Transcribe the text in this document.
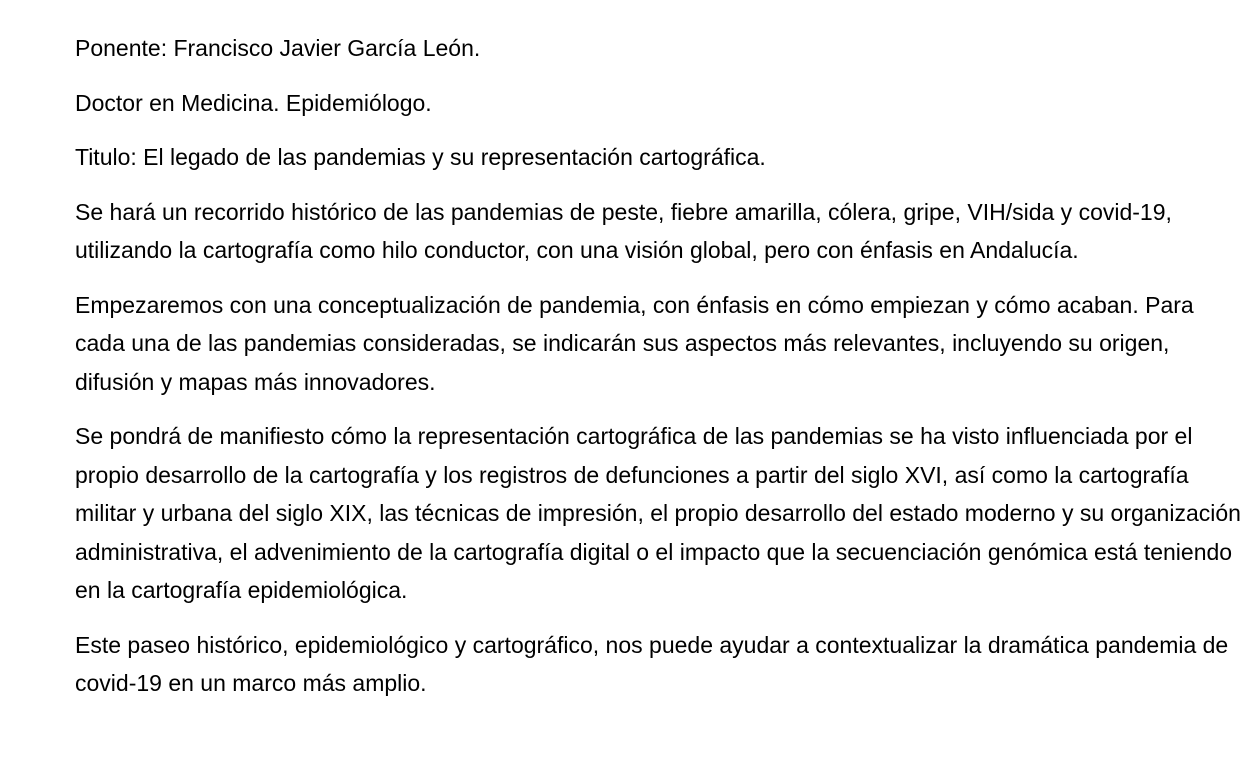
Ponente: Francisco Javier García León.

Doctor en Medicina. Epidemiólogo.

Titulo: El legado de las pandemias y su representación cartográfica.

Se hará un recorrido histórico de las pandemias de peste, fiebre amarilla, cólera, gripe, VIH/sida y covid-19, utilizando la cartografía como hilo conductor, con una visión global, pero con énfasis en Andalucía.

Empezaremos con una conceptualización de pandemia, con énfasis en cómo empiezan y cómo acaban. Para cada una de las pandemias consideradas, se indicarán sus aspectos más relevantes, incluyendo su origen, difusión y mapas más innovadores.

Se pondrá de manifiesto cómo la representación cartográfica de las pandemias se ha visto influenciada por el propio desarrollo de la cartografía y los registros de defunciones a partir del siglo XVI, así como la cartografía militar y urbana del siglo XIX, las técnicas de impresión, el propio desarrollo del estado moderno y su organización administrativa, el advenimiento de la cartografía digital o el impacto que la secuenciación genómica está teniendo en la cartografía epidemiológica.

Este paseo histórico, epidemiológico y cartográfico, nos puede ayudar a contextualizar la dramática pandemia de covid-19 en un marco más amplio.
